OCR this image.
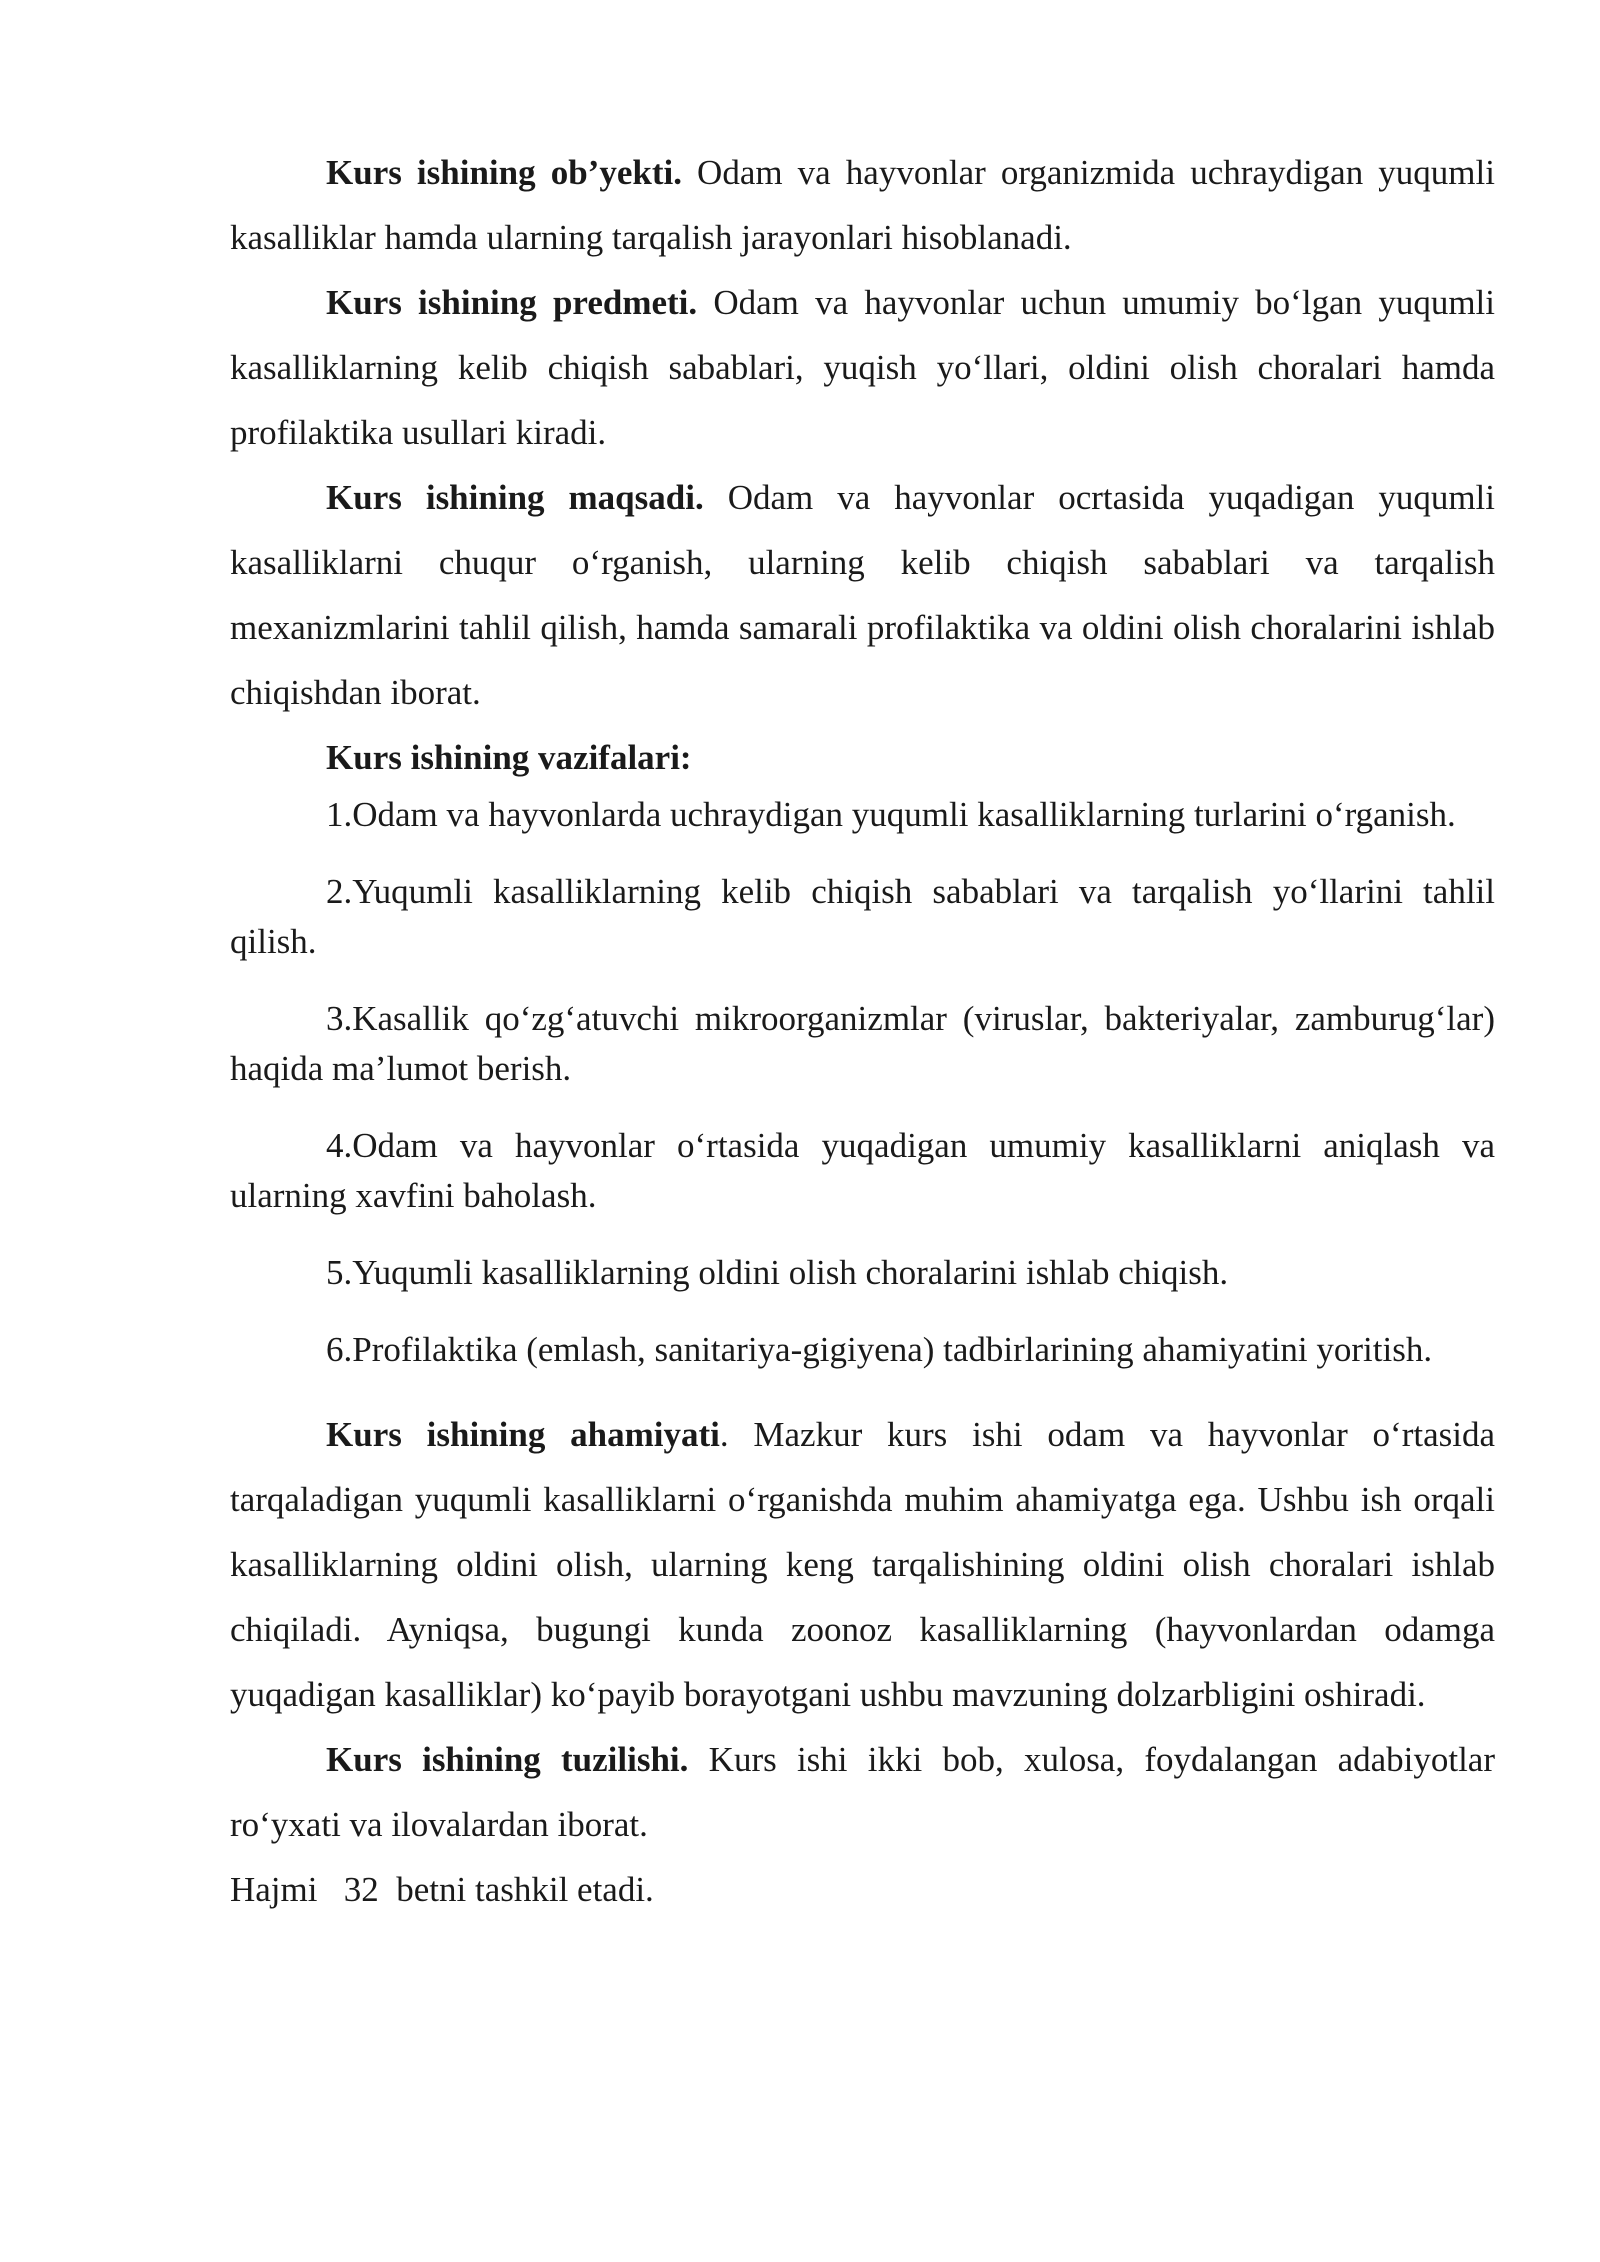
Kurs ishining ob’yekti. Odam va hayvonlar organizmida uchraydigan yuqumli kasalliklar hamda ularning tarqalish jarayonlari hisoblanadi.

Kurs ishining predmeti. Odam va hayvonlar uchun umumiy bo‘lgan yuqumli kasalliklarning kelib chiqish sabablari, yuqish yo‘llari, oldini olish choralari hamda profilaktika usullari kiradi.

Kurs ishining maqsadi. Odam va hayvonlar ocrtasida yuqadigan yuqumli kasalliklarni chuqur o‘rganish, ularning kelib chiqish sabablari va tarqalish mexanizmlarini tahlil qilish, hamda samarali profilaktika va oldini olish choralarini ishlab chiqishdan iborat.

Kurs ishining vazifalari:

1.Odam va hayvonlarda uchraydigan yuqumli kasalliklarning turlarini o‘rganish.

2.Yuqumli kasalliklarning kelib chiqish sabablari va tarqalish yo‘llarini tahlil qilish.

3.Kasallik qo‘zg‘atuvchi mikroorganizmlar (viruslar, bakteriyalar, zamburug‘lar) haqida ma’lumot berish.

4.Odam va hayvonlar o‘rtasida yuqadigan umumiy kasalliklarni aniqlash va ularning xavfini baholash.

5.Yuqumli kasalliklarning oldini olish choralarini ishlab chiqish.

6.Profilaktika (emlash, sanitariya-gigiyena) tadbirlarining ahamiyatini yoritish.

Kurs ishining ahamiyati. Mazkur kurs ishi odam va hayvonlar o‘rtasida tarqaladigan yuqumli kasalliklarni o‘rganishda muhim ahamiyatga ega. Ushbu ish orqali kasalliklarning oldini olish, ularning keng tarqalishining oldini olish choralari ishlab chiqiladi. Ayniqsa, bugungi kunda zoonoz kasalliklarning (hayvonlardan odamga yuqadigan kasalliklar) ko‘payib borayotgani ushbu mavzuning dolzarbligini oshiradi.

Kurs ishining tuzilishi. Kurs ishi ikki bob, xulosa, foydalangan adabiyotlar ro‘yxati va ilovalardan iborat.

Hajmi   32  betni tashkil etadi.
